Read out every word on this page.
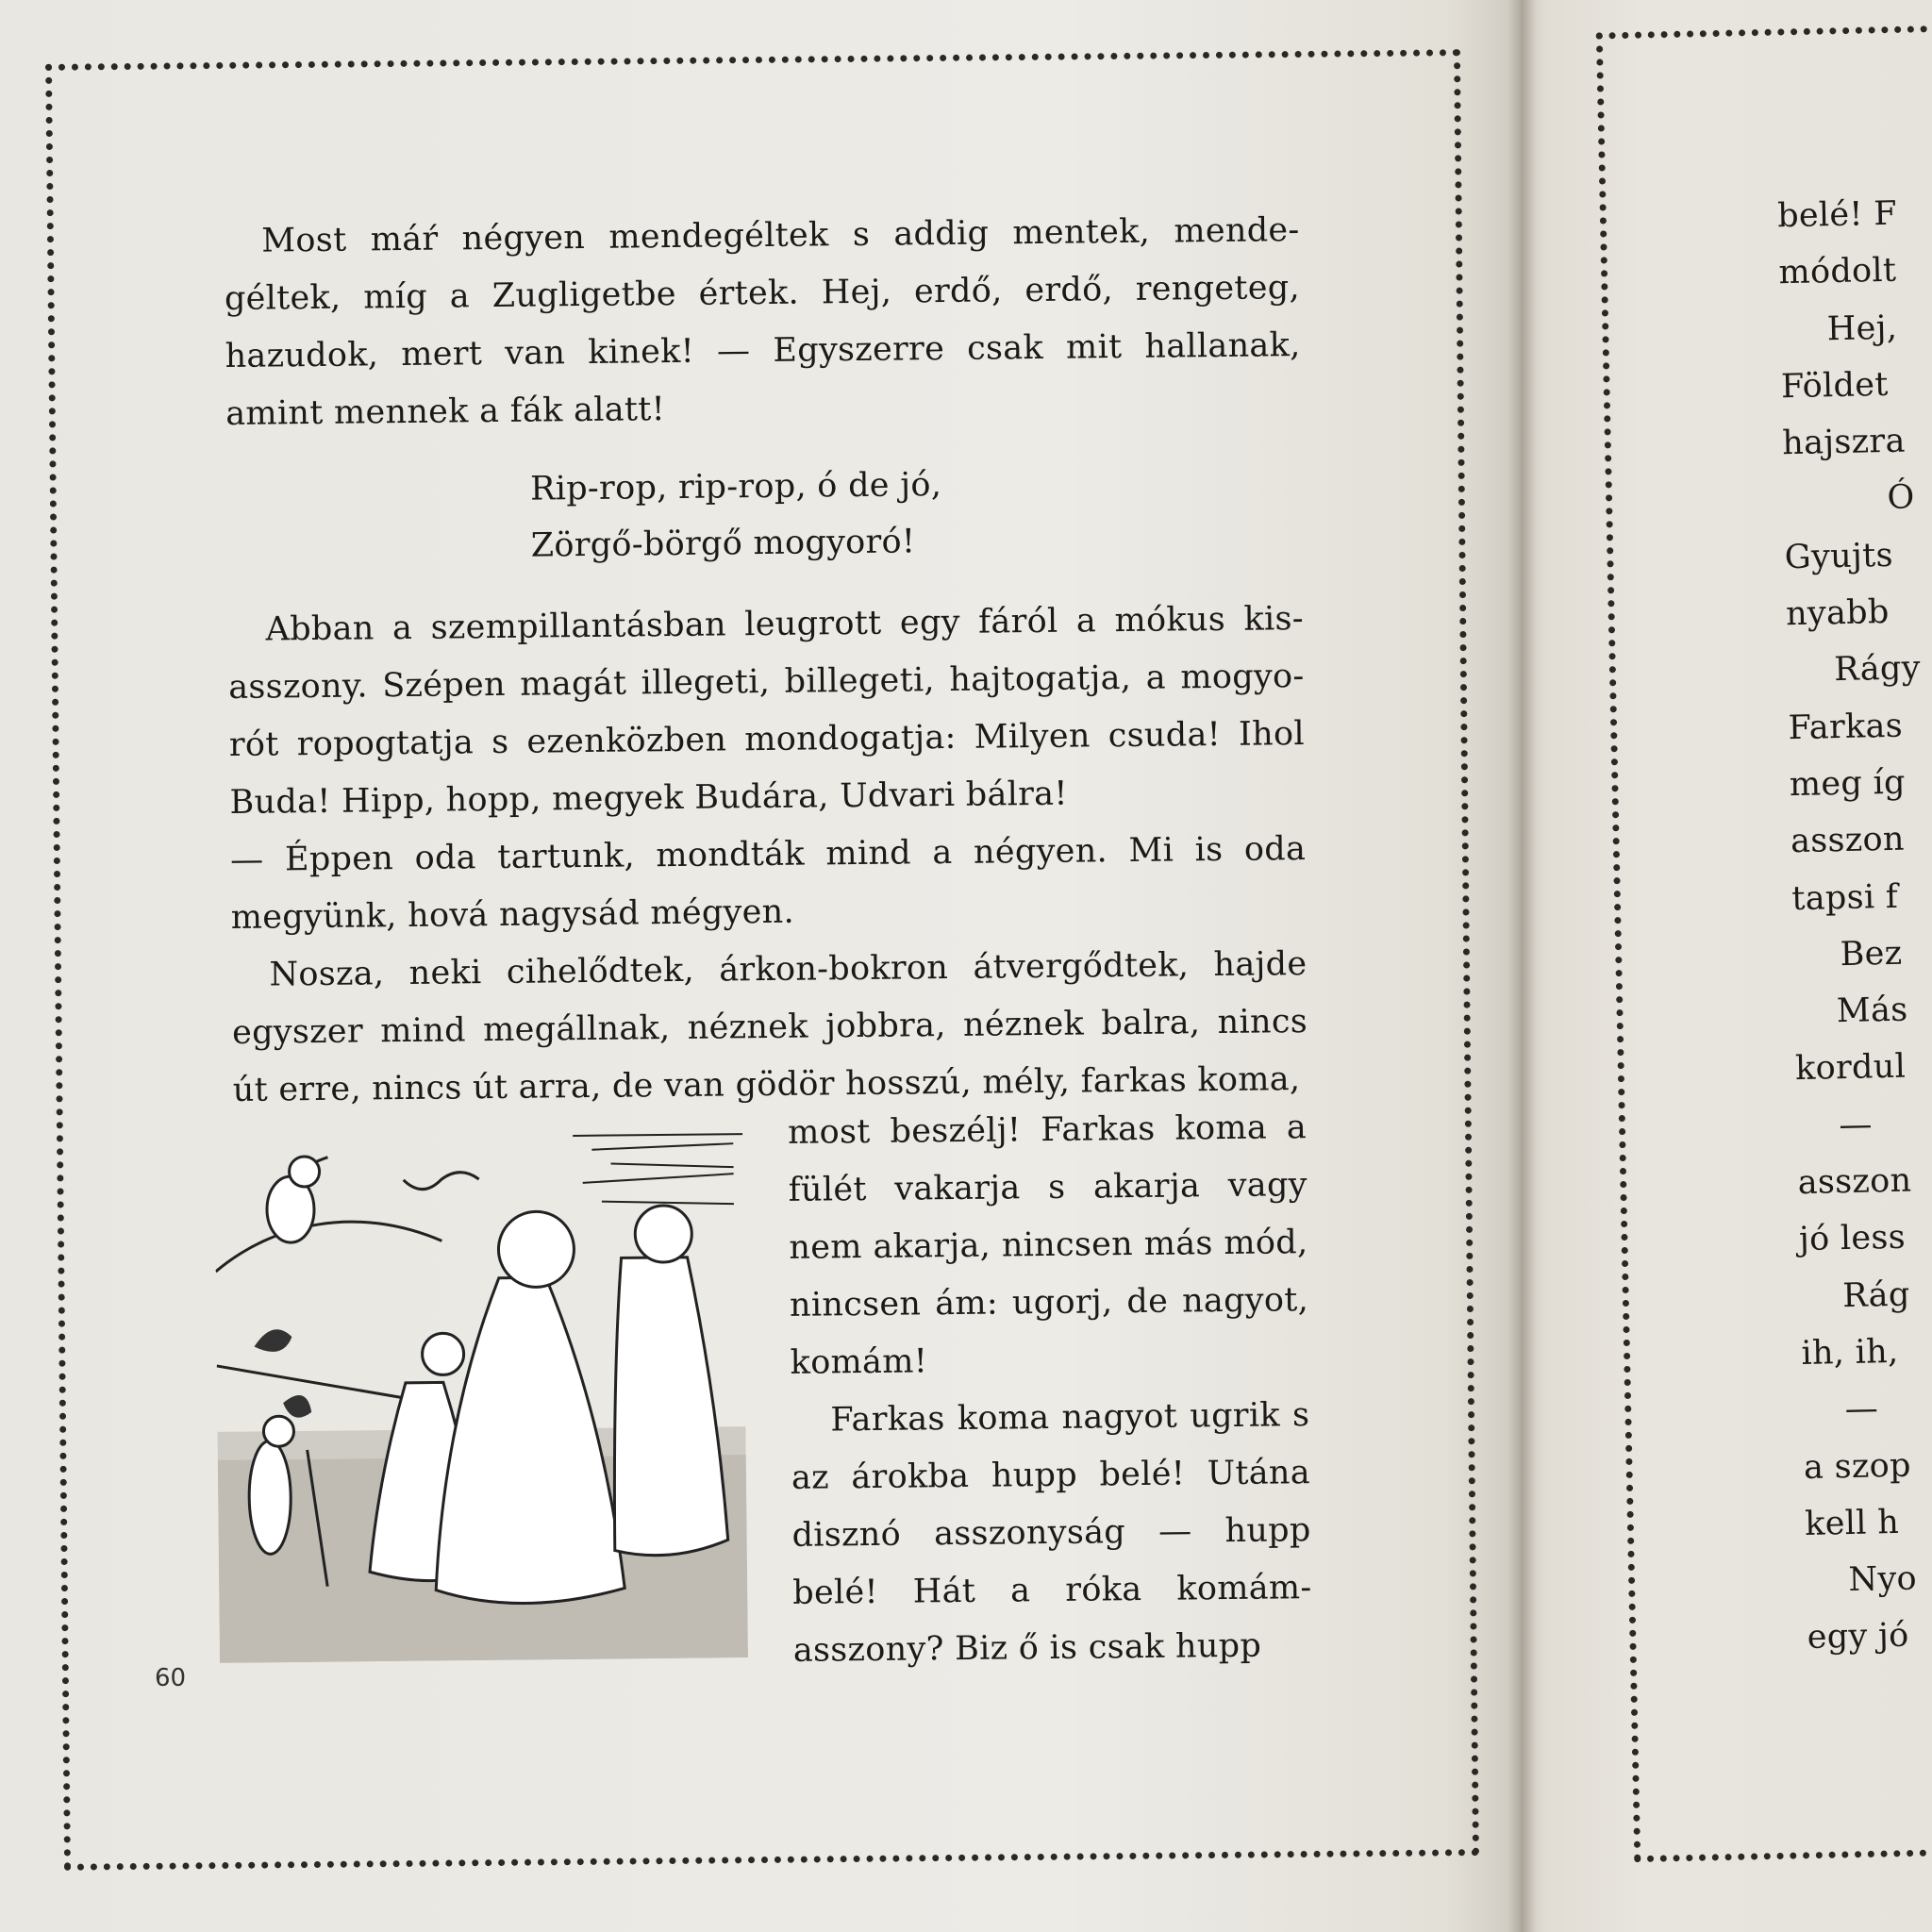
Most máŕ négyen mendegéltek s addig mentek, mendegéltek, míg a Zugligetbe értek. Hej, erdő, erdő, rengeteg, hazudok, mert van kinek! — Egyszerre csak mit hallanak, amint mennek a fák alatt!

Rip-rop, rip-rop, ó de jó,
Zörgő-börgő mogyoró!

Abban a szempillantásban leugrott egy fáról a mókus kisasszony. Szépen magát illegeti, billegeti, hajtogatja, a mogyorót ropogtatja s ezenközben mondogatja: Milyen csuda! Ihol Buda! Hipp, hopp, megyek Budára, Udvari bálra!

— Éppen oda tartunk, mondták mind a négyen. Mi is oda megyünk, hová nagysád mégyen.

Nosza, neki cihelődtek, árkon-bokron átvergődtek, hajde egyszer mind megállnak, néznek jobbra, néznek balra, nincs út erre, nincs út arra, de van gödör hosszú, mély, farkas koma,

most beszélj! Farkas koma a fülét vakarja s akarja vagy nem akarja, nincsen más mód, nincsen ám: ugorj, de nagyot, komám!

Farkas koma nagyot ugrik s az árokba hupp belé! Utána disznó asszonyság — hupp belé! Hát a róka komámasszony? Biz ő is csak hupp

60
belé! F
módolt
Hej,
Földet
hajszra
Ó
Gyujts
nyabb
Rágy
Farkas
meg íg
asszon
tapsi f
Bez
Más
kordul
—
asszon
jó less
Rág
ih, ih,
—
a szop
kell h
Nyo
egy jó
